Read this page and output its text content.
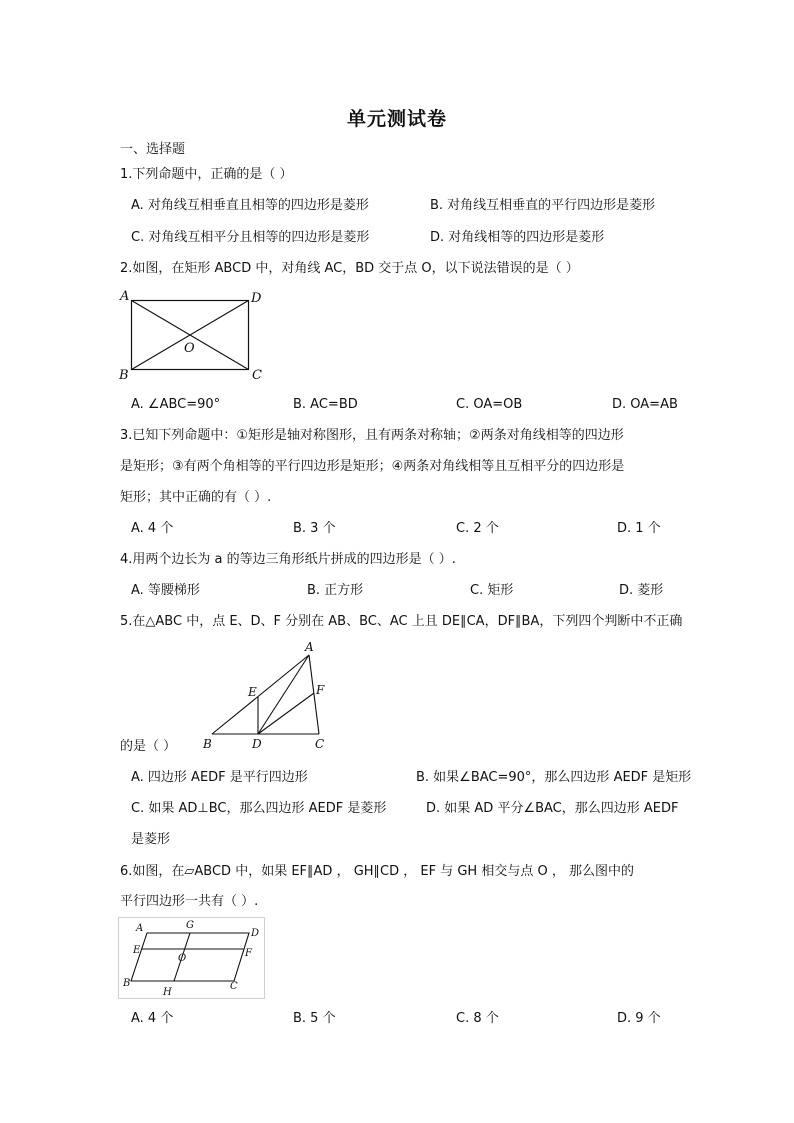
单元测试卷
一、选择题
1.下列命题中，正确的是（ ）
A. 对角线互相垂直且相等的四边形是菱形	B. 对角线互相垂直的平行四边形是菱形
C. 对角线互相平分且相等的四边形是菱形	D. 对角线相等的四边形是菱形
2.如图，在矩形 ABCD 中，对角线 AC，BD 交于点 O，以下说法错误的是（ ）
A	D
B	C
O
A. ∠ABC=90°	B. AC=BD	C. OA=OB	D. OA=AB
3.已知下列命题中：①矩形是轴对称图形，且有两条对称轴；②两条对角线相等的四边形
是矩形；③有两个角相等的平行四边形是矩形；④两条对角线相等且互相平分的四边形是
矩形；其中正确的有（ ）.
A. 4 个	B. 3 个	C. 2 个	D. 1 个
4.用两个边长为 a 的等边三角形纸片拼成的四边形是（ ）.
A. 等腰梯形	B. 正方形	C. 矩形	D. 菱形
5.在△ABC 中，点 E、D、F 分别在 AB、BC、AC 上且 DE∥CA，DF∥BA，下列四个判断中不正确
A
E	F
B	D	C
的是（ ）
A. 四边形 AEDF 是平行四边形	B. 如果∠BAC=90°，那么四边形 AEDF 是矩形
C. 如果 AD⊥BC，那么四边形 AEDF 是菱形	D. 如果 AD 平分∠BAC，那么四边形 AEDF
是菱形
6.如图，在▱ABCD 中，如果 EF∥AD ， GH∥CD ， EF 与 GH 相交与点 O ， 那么图中的
平行四边形一共有（ ）.
A	G
D
E
O	F
B
H
C
A. 4 个	B. 5 个	C. 8 个	D. 9 个
